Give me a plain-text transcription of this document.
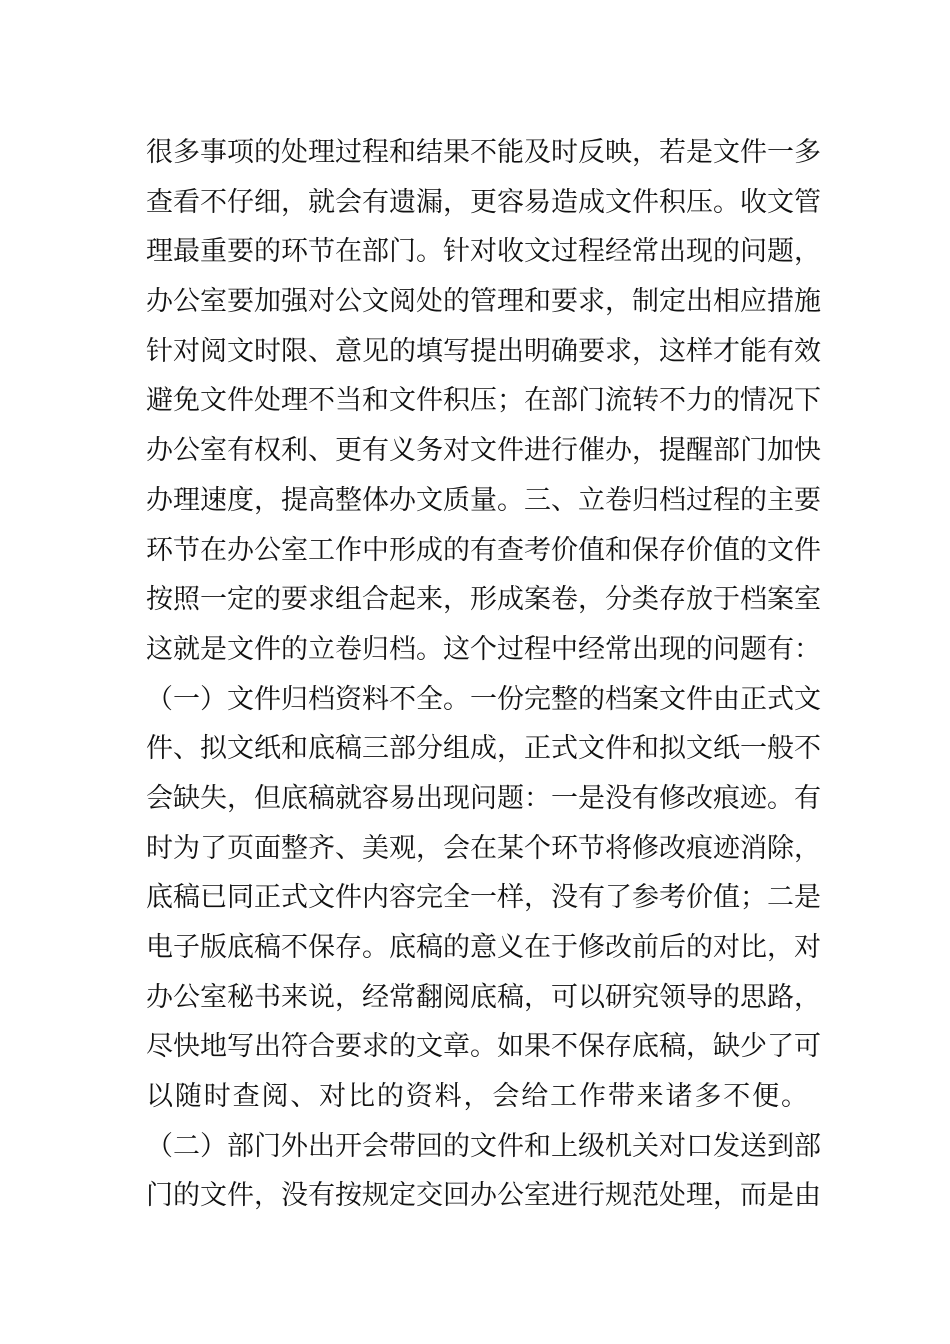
很多事项的处理过程和结果不能及时反映，若是文件一多
查看不仔细，就会有遗漏，更容易造成文件积压。收文管
理最重要的环节在部门。针对收文过程经常出现的问题，
办公室要加强对公文阅处的管理和要求，制定出相应措施
针对阅文时限、意见的填写提出明确要求，这样才能有效
避免文件处理不当和文件积压；在部门流转不力的情况下
办公室有权利、更有义务对文件进行催办，提醒部门加快
办理速度，提高整体办文质量。三、立卷归档过程的主要
环节在办公室工作中形成的有查考价值和保存价值的文件
按照一定的要求组合起来，形成案卷，分类存放于档案室
这就是文件的立卷归档。这个过程中经常出现的问题有：
（一）文件归档资料不全。一份完整的档案文件由正式文
件、拟文纸和底稿三部分组成，正式文件和拟文纸一般不
会缺失，但底稿就容易出现问题：一是没有修改痕迹。有
时为了页面整齐、美观，会在某个环节将修改痕迹消除，
底稿已同正式文件内容完全一样，没有了参考价值；二是
电子版底稿不保存。底稿的意义在于修改前后的对比，对
办公室秘书来说，经常翻阅底稿，可以研究领导的思路，
尽快地写出符合要求的文章。如果不保存底稿，缺少了可
以随时查阅、对比的资料，会给工作带来诸多不便。
（二）部门外出开会带回的文件和上级机关对口发送到部
门的文件，没有按规定交回办公室进行规范处理，而是由
